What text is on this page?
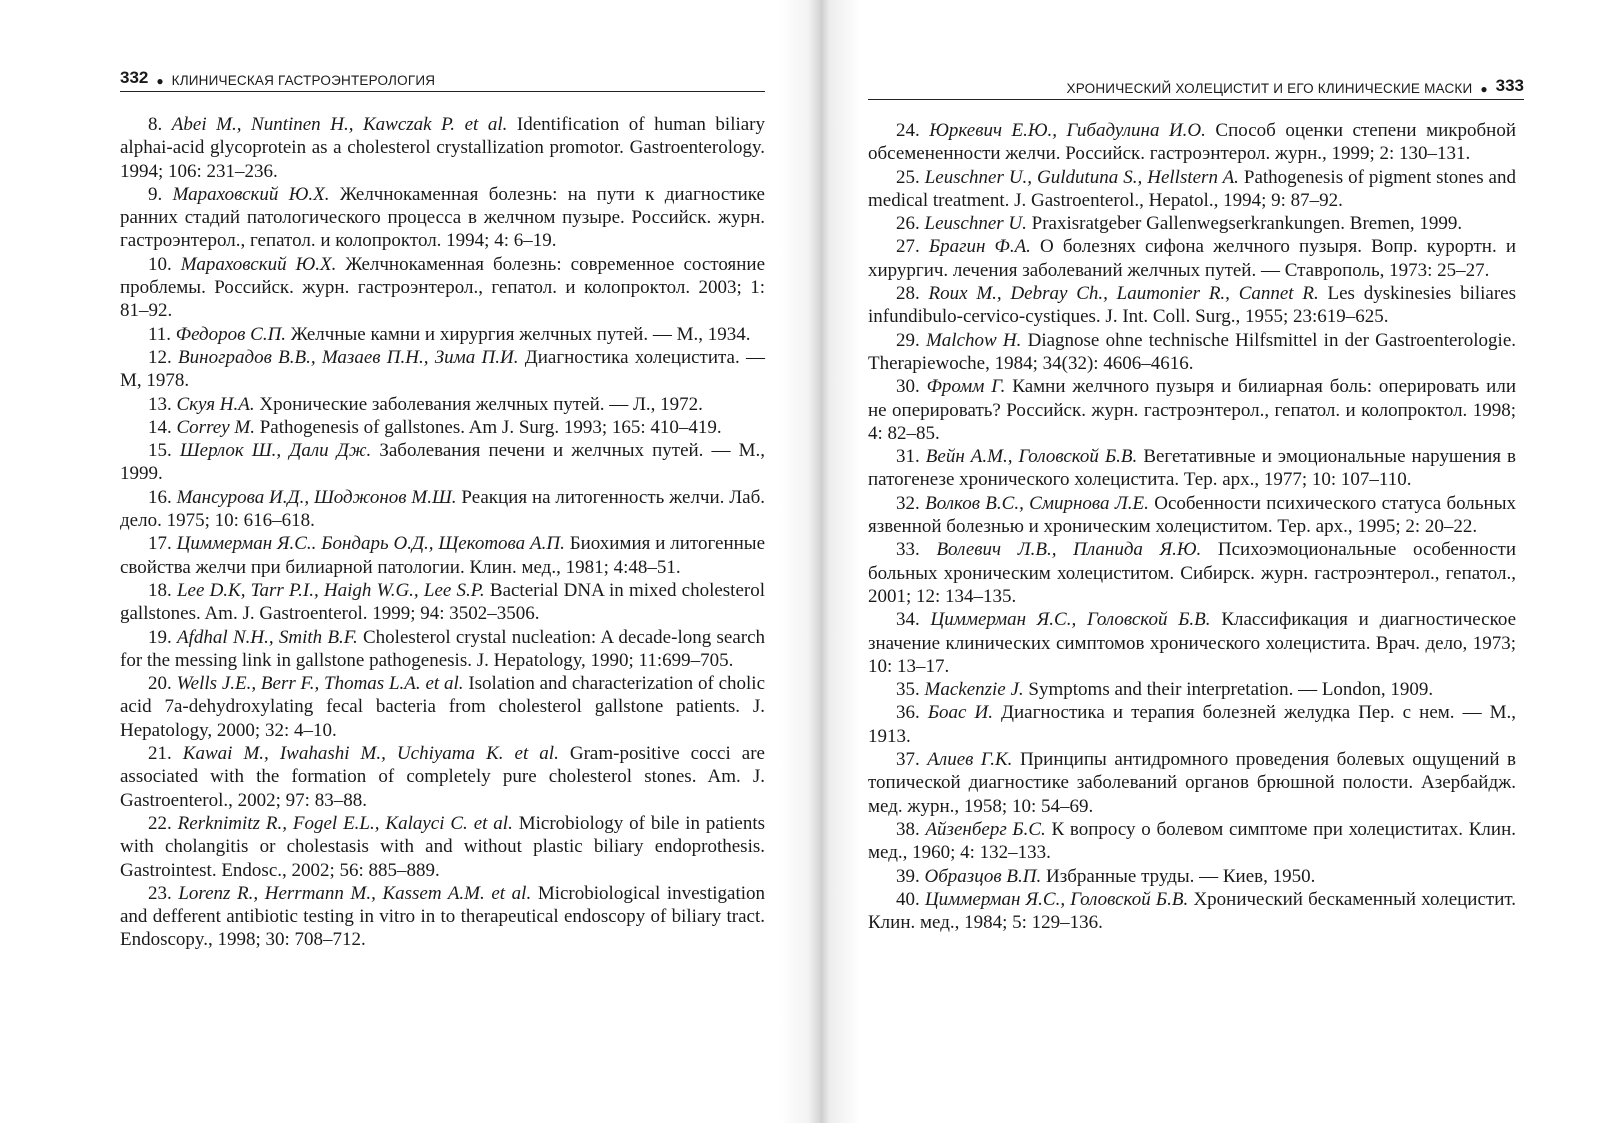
332 ● КЛИНИЧЕСКАЯ ГАСТРОЭНТЕРОЛОГИЯ

8. Abei M., Nuntinen H., Kawczak P. et al. Identification of human biliary alphai-acid glycoprotein as a cholesterol crystallization promotor. Gastroenterology. 1994; 106: 231–236.

9. Мараховский Ю.Х. Желчнокаменная болезнь: на пути к диагностике ранних стадий патологического процесса в желчном пузыре. Российск. журн. гастроэнтерол., гепатол. и колопроктол. 1994; 4: 6–19.

10. Мараховский Ю.Х. Желчнокаменная болезнь: современное состояние проблемы. Российск. журн. гастроэнтерол., гепатол. и колопроктол. 2003; 1: 81–92.

11. Федоров С.П. Желчные камни и хирургия желчных путей. — М., 1934.

12. Виноградов В.В., Мазаев П.Н., Зима П.И. Диагностика холецистита. — М, 1978.

13. Скуя Н.А. Хронические заболевания желчных путей. — Л., 1972.

14. Correy M. Pathogenesis of gallstones. Am J. Surg. 1993; 165: 410–419.

15. Шерлок Ш., Дали Дж. Заболевания печени и желчных путей. — М., 1999.

16. Мансурова И.Д., Шоджонов М.Ш. Реакция на литогенность желчи. Лаб. дело. 1975; 10: 616–618.

17. Циммерман Я.С.. Бондарь О.Д., Щекотова А.П. Биохимия и литогенные свойства желчи при билиарной патологии. Клин. мед., 1981; 4:48–51.

18. Lee D.K, Tarr P.I., Haigh W.G., Lee S.P. Bacterial DNA in mixed cholesterol gallstones. Am. J. Gastroenterol. 1999; 94: 3502–3506.

19. Afdhal N.H., Smith B.F. Cholesterol crystal nucleation: A decade-long search for the messing link in gallstone pathogenesis. J. Hepatology, 1990; 11:699–705.

20. Wells J.E., Berr F., Thomas L.A. et al. Isolation and characterization of cholic acid 7a-dehydroxylating fecal bacteria from cholesterol gallstone patients. J. Hepatology, 2000; 32: 4–10.

21. Kawai M., Iwahashi M., Uchiyama K. et al. Gram-positive cocci are associated with the formation of completely pure cholesterol stones. Am. J. Gastroenterol., 2002; 97: 83–88.

22. Rerknimitz R., Fogel E.L., Kalayci C. et al. Microbiology of bile in patients with cholangitis or cholestasis with and without plastic biliary endoprothesis. Gastrointest. Endosc., 2002; 56: 885–889.

23. Lorenz R., Herrmann M., Kassem A.M. et al. Microbiological investigation and defferent antibiotic testing in vitro in to therapeutical endoscopy of biliary tract. Endoscopy., 1998; 30: 708–712.

ХРОНИЧЕСКИЙ ХОЛЕЦИСТИТ И ЕГО КЛИНИЧЕСКИЕ МАСКИ ● 333

24. Юркевич Е.Ю., Гибадулина И.О. Способ оценки степени микробной обсемененности желчи. Российск. гастроэнтерол. журн., 1999; 2: 130–131.

25. Leuschner U., Guldutuna S., Hellstern A. Pathogenesis of pigment stones and medical treatment. J. Gastroenterol., Hepatol., 1994; 9: 87–92.

26. Leuschner U. Praxisratgeber Gallenwegserkrankungen. Bremen, 1999.

27. Брагин Ф.А. О болезнях сифона желчного пузыря. Вопр. курортн. и хирургич. лечения заболеваний желчных путей. — Ставрополь, 1973: 25–27.

28. Roux M., Debray Ch., Laumonier R., Cannet R. Les dyskinesies biliares infundibulo-cervico-cystiques. J. Int. Coll. Surg., 1955; 23:619–625.

29. Malchow H. Diagnose ohne technische Hilfsmittel in der Gastroenterologie. Therapiewoche, 1984; 34(32): 4606–4616.

30. Фромм Г. Камни желчного пузыря и билиарная боль: оперировать или не оперировать? Российск. журн. гастроэнтерол., гепатол. и колопроктол. 1998; 4: 82–85.

31. Вейн А.М., Головской Б.В. Вегетативные и эмоциональные нарушения в патогенезе хронического холецистита. Тер. арх., 1977; 10: 107–110.

32. Волков В.С., Смирнова Л.Е. Особенности психического статуса больных язвенной болезнью и хроническим холециститом. Тер. арх., 1995; 2: 20–22.

33. Волевич Л.В., Планида Я.Ю. Психоэмоциональные особенности больных хроническим холециститом. Сибирск. журн. гастроэнтерол., гепатол., 2001; 12: 134–135.

34. Циммерман Я.С., Головской Б.В. Классификация и диагностическое значение клинических симптомов хронического холецистита. Врач. дело, 1973; 10: 13–17.

35. Mackenzie J. Symptoms and their interpretation. — London, 1909.

36. Боас И. Диагностика и терапия болезней желудка Пер. с нем. — М., 1913.

37. Алиев Г.К. Принципы антидромного проведения болевых ощущений в топической диагностике заболеваний органов брюшной полости. Азербайдж. мед. журн., 1958; 10: 54–69.

38. Айзенберг Б.С. К вопросу о болевом симптоме при холециститах. Клин. мед., 1960; 4: 132–133.

39. Образцов В.П. Избранные труды. — Киев, 1950.

40. Циммерман Я.С., Головской Б.В. Хронический бескаменный холецистит. Клин. мед., 1984; 5: 129–136.
